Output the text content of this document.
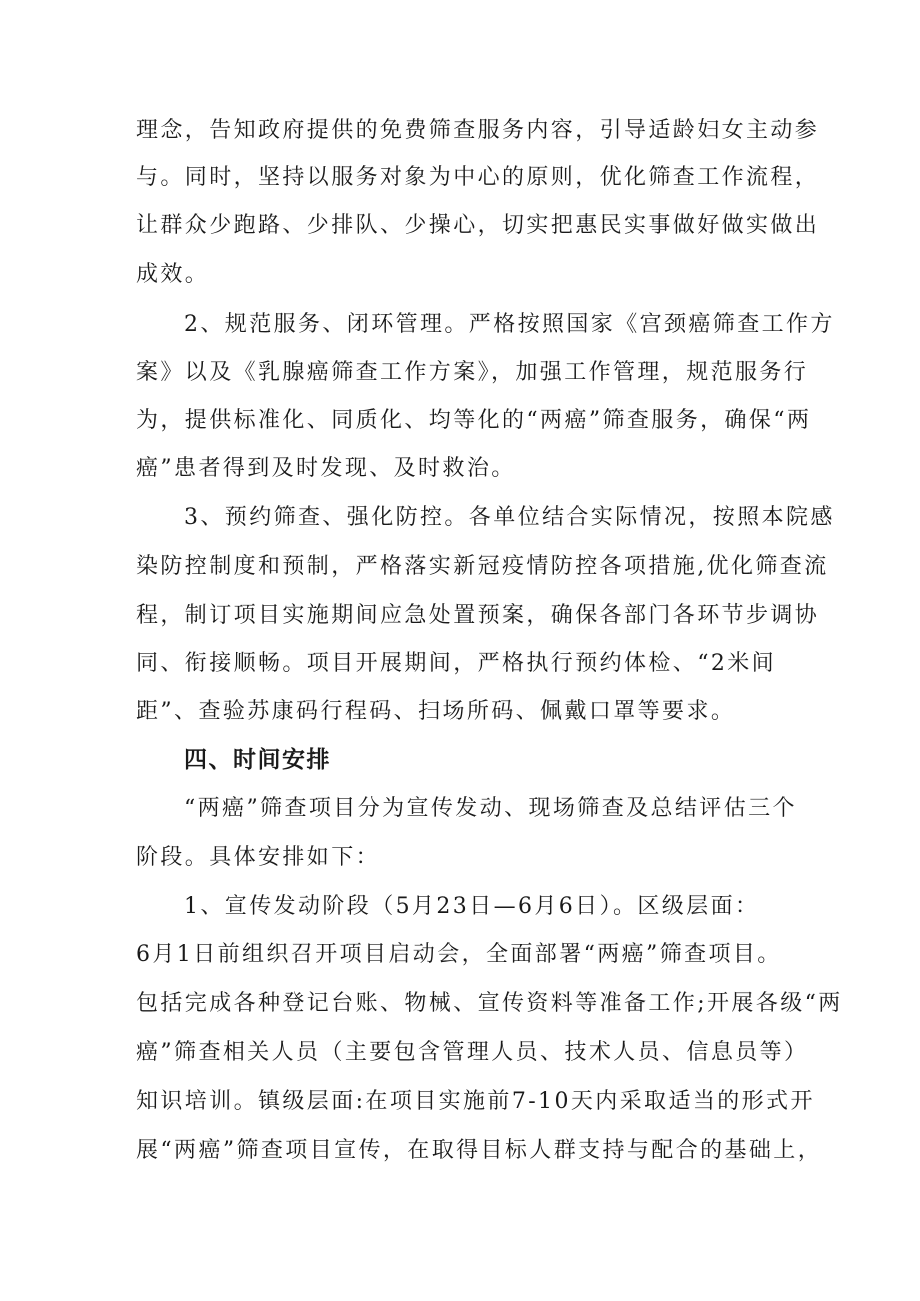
理念，告知政府提供的免费筛查服务内容，引导适龄妇女主动参
与。同时，坚持以服务对象为中心的原则，优化筛查工作流程，
让群众少跑路、少排队、少操心，切实把惠民实事做好做实做出
成效。
2、规范服务、闭环管理。严格按照国家《宫颈癌筛查工作方
案》以及《乳腺癌筛查工作方案》，加强工作管理，规范服务行
为，提供标准化、同质化、均等化的“两癌”筛查服务，确保“两
癌”患者得到及时发现、及时救治。
3、预约筛查、强化防控。各单位结合实际情况，按照本院感
染防控制度和预制，严格落实新冠疫情防控各项措施,优化筛查流
程，制订项目实施期间应急处置预案，确保各部门各环节步调协
同、衔接顺畅。项目开展期间，严格执行预约体检、“2米间
距”、查验苏康码行程码、扫场所码、佩戴口罩等要求。
四、时间安排
“两癌”筛查项目分为宣传发动、现场筛查及总结评估三个
阶段。具体安排如下：
1、宣传发动阶段（5月23日—6月6日）。区级层面：
6月1日前组织召开项目启动会，全面部署“两癌”筛查项目。
包括完成各种登记台账、物械、宣传资料等准备工作;开展各级“两
癌”筛查相关人员（主要包含管理人员、技术人员、信息员等）
知识培训。镇级层面:在项目实施前7-10天内采取适当的形式开
展“两癌”筛查项目宣传，在取得目标人群支持与配合的基础上，
